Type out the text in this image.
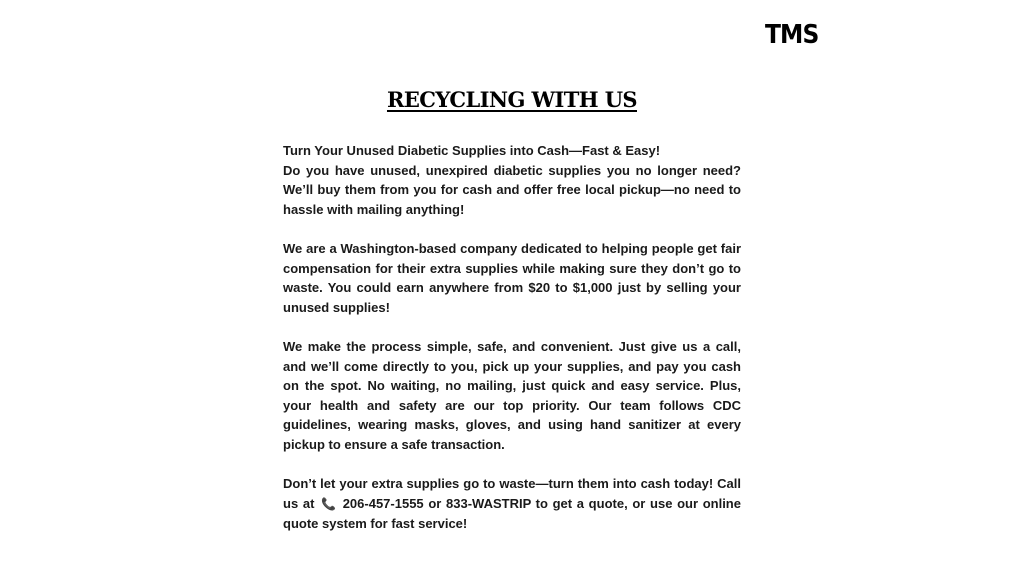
TMS
RECYCLING WITH US

Turn Your Unused Diabetic Supplies into Cash—Fast & Easy!

Do you have unused, unexpired diabetic supplies you no longer need? We’ll buy them from you for cash and offer free local pickup—no need to hassle with mailing anything!

We are a Washington-based company dedicated to helping people get fair compensation for their extra supplies while making sure they don’t go to waste. You could earn anywhere from $20 to $1,000 just by selling your unused supplies!

We make the process simple, safe, and convenient. Just give us a call, and we’ll come directly to you, pick up your supplies, and pay you cash on the spot. No waiting, no mailing, just quick and easy service. Plus, your health and safety are our top priority. Our team follows CDC guidelines, wearing masks, gloves, and using hand sanitizer at every pickup to ensure a safe transaction.

Don’t let your extra supplies go to waste—turn them into cash today! Call us at 📞 206-457-1555 or 833-WASTRIP to get a quote, or use our online quote system for fast service!
